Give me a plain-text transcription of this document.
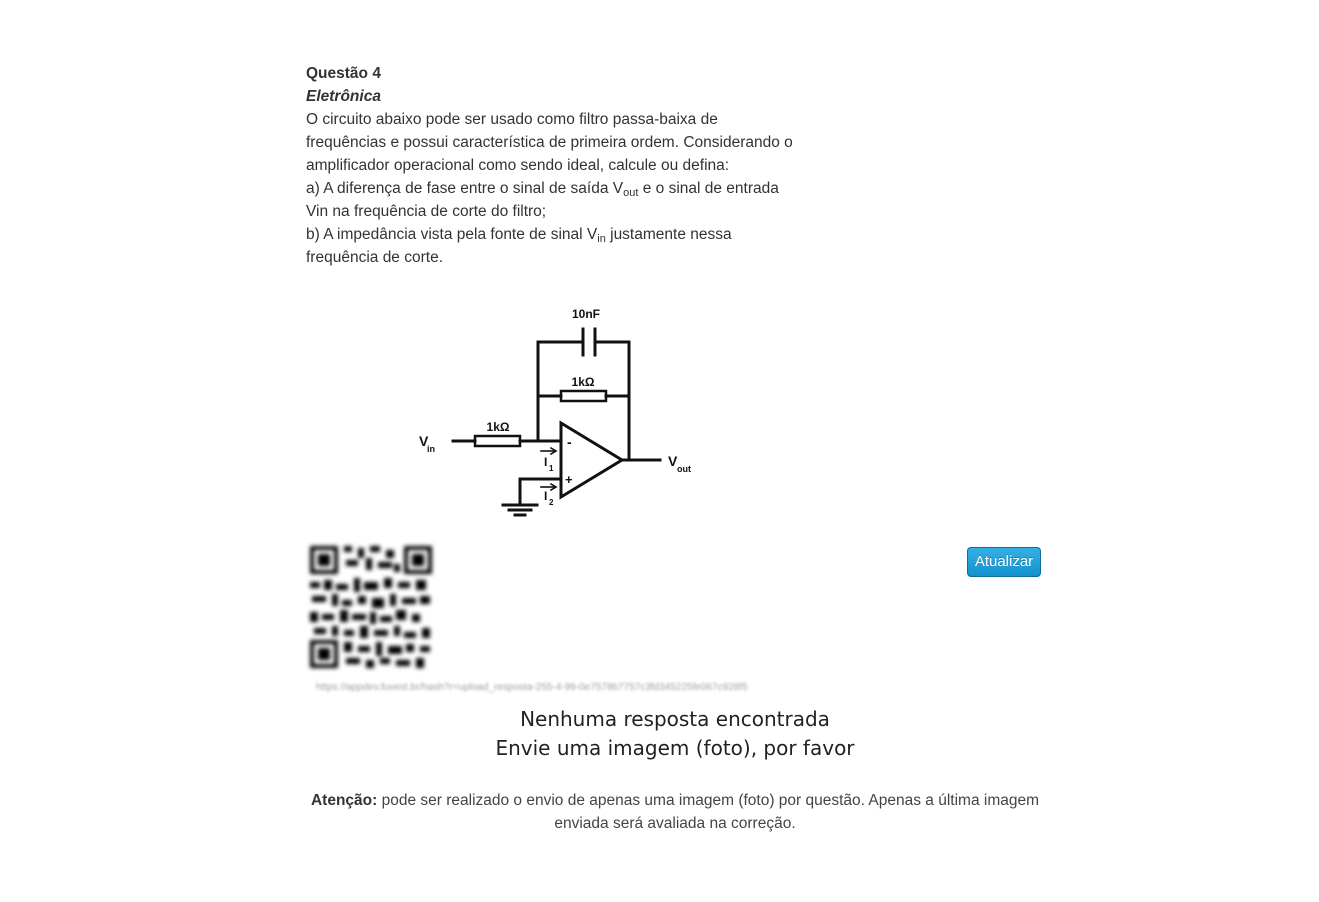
Questão 4
Eletrônica
O circuito abaixo pode ser usado como filtro passa-baixa de
frequências e possui característica de primeira ordem. Considerando o
amplificador operacional como sendo ideal, calcule ou defina:
a) A diferença de fase entre o sinal de saída $V_{out}$ e o sinal de entrada
Vin na frequência de corte do filtro;
b) A impedância vista pela fonte de sinal $V_{in}$ justamente nessa
frequência de corte.
10nF
1kΩ
1kΩ
V
in
V out
-
+
I 1
I 2
https://appdev.fuvest.br/hash?r=upload_resposta-255-4-99-0e7578b7757c3fd345225fe067c928f5
Atualizar
Nenhuma resposta encontrada
Envie uma imagem (foto), por favor
Atenção: pode ser realizado o envio de apenas uma imagem (foto) por questão. Apenas a última imagem enviada será avaliada na correção.
